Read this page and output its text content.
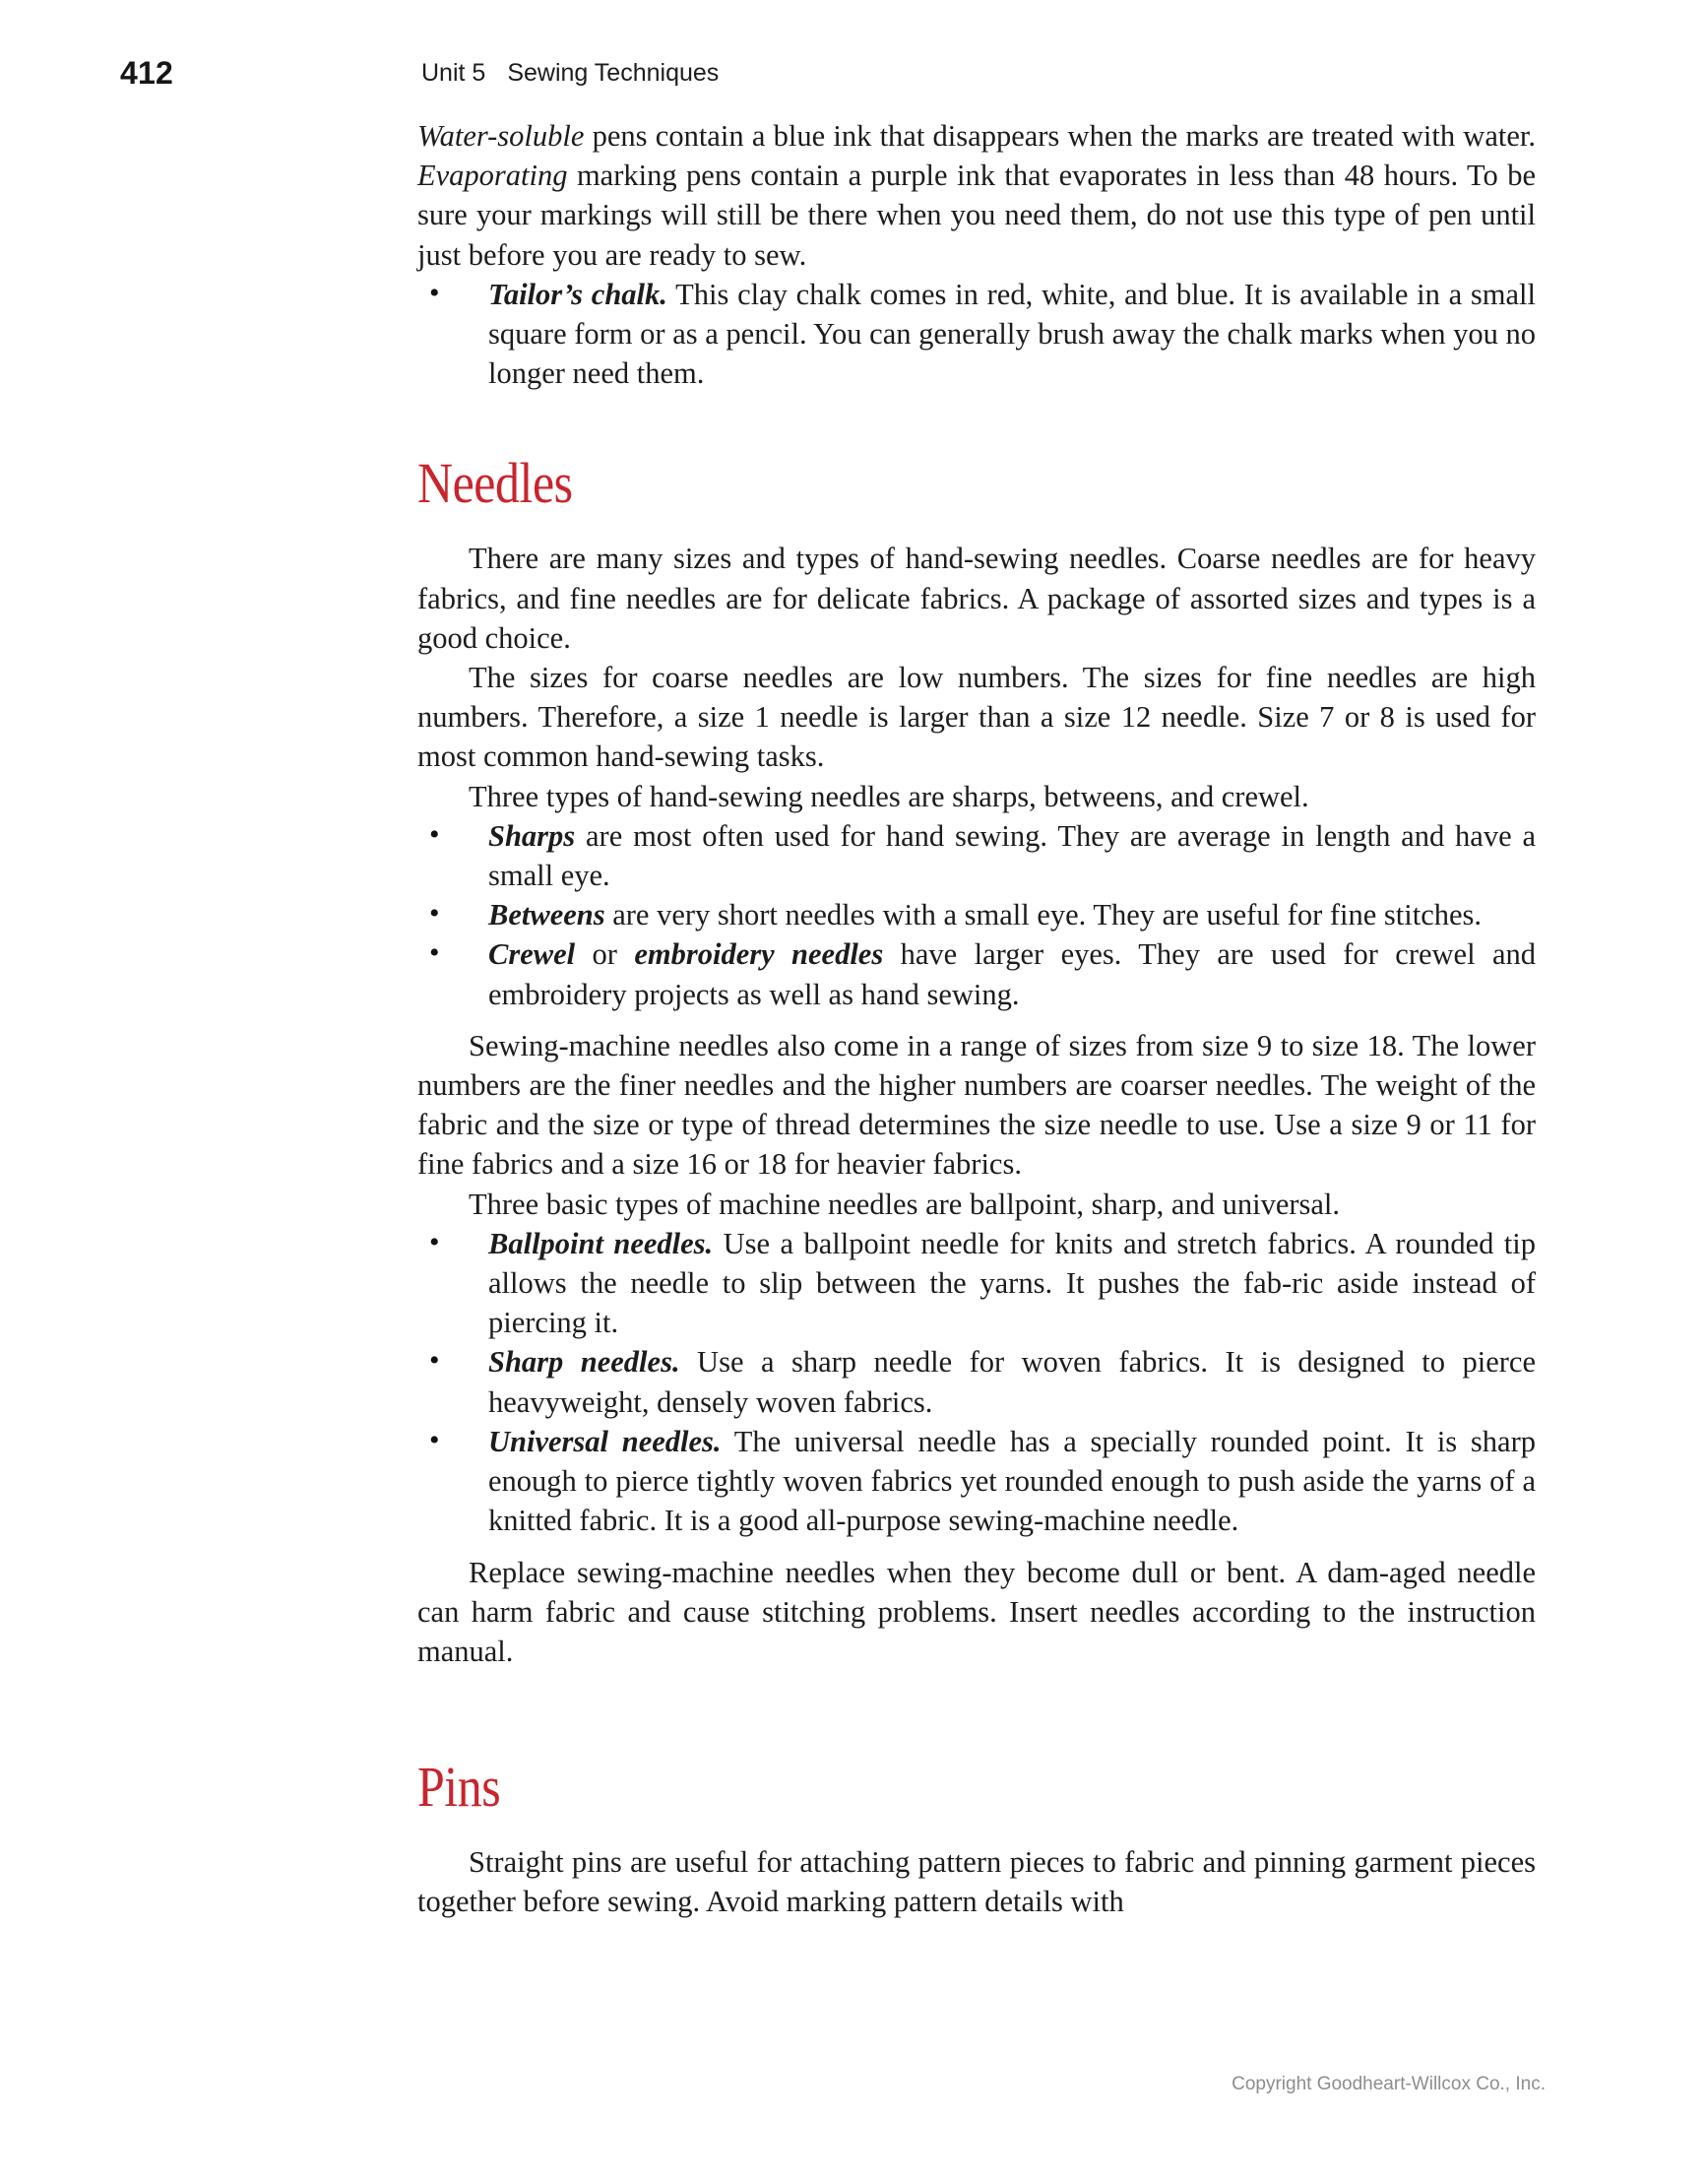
412	Unit 5 Sewing Techniques

Water-soluble pens contain a blue ink that disappears when the marks are treated with water. Evaporating marking pens contain a purple ink that evaporates in less than 48 hours. To be sure your markings will still be there when you need them, do not use this type of pen until just before you are ready to sew.

• Tailor’s chalk. This clay chalk comes in red, white, and blue. It is available in a small square form or as a pencil. You can generally brush away the chalk marks when you no longer need them.
Needles

There are many sizes and types of hand-sewing needles. Coarse needles are for heavy fabrics, and fine needles are for delicate fabrics. A package of assorted sizes and types is a good choice.

The sizes for coarse needles are low numbers. The sizes for fine needles are high numbers. Therefore, a size 1 needle is larger than a size 12 needle. Size 7 or 8 is used for most common hand-sewing tasks.

Three types of hand-sewing needles are sharps, betweens, and crewel.

• Sharps are most often used for hand sewing. They are average in length and have a small eye.
• Betweens are very short needles with a small eye. They are useful for fine stitches.
• Crewel or embroidery needles have larger eyes. They are used for crewel and embroidery projects as well as hand sewing.

Sewing-machine needles also come in a range of sizes from size 9 to size 18. The lower numbers are the finer needles and the higher numbers are coarser needles. The weight of the fabric and the size or type of thread determines the size needle to use. Use a size 9 or 11 for fine fabrics and a size 16 or 18 for heavier fabrics.

Three basic types of machine needles are ballpoint, sharp, and universal.

• Ballpoint needles. Use a ballpoint needle for knits and stretch fabrics. A rounded tip allows the needle to slip between the yarns. It pushes the fab-ric aside instead of piercing it.
• Sharp needles. Use a sharp needle for woven fabrics. It is designed to pierce heavyweight, densely woven fabrics.
• Universal needles. The universal needle has a specially rounded point. It is sharp enough to pierce tightly woven fabrics yet rounded enough to push aside the yarns of a knitted fabric. It is a good all-purpose sewing-machine needle.

Replace sewing-machine needles when they become dull or bent. A dam-aged needle can harm fabric and cause stitching problems. Insert needles according to the instruction manual.

Pins

Straight pins are useful for attaching pattern pieces to fabric and pinning garment pieces together before sewing. Avoid marking pattern details with

Copyright Goodheart-Willcox Co., Inc.
